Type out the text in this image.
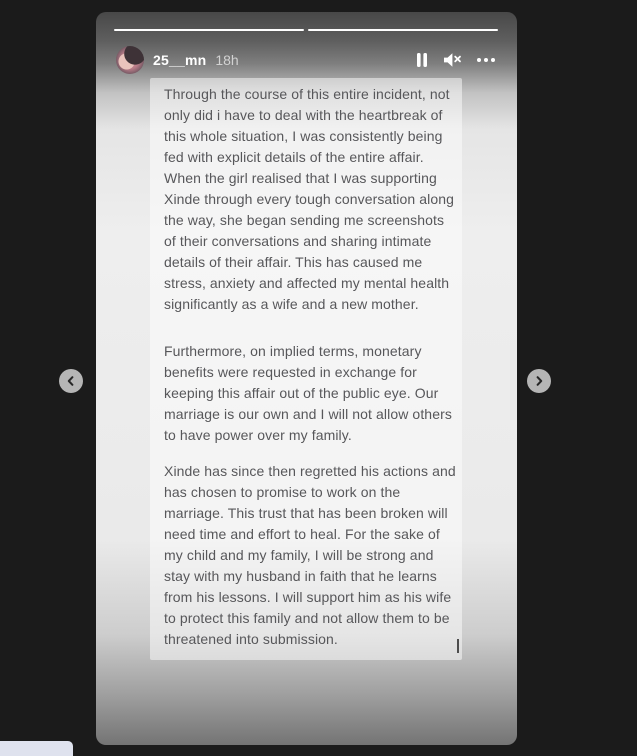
25__mn 18h

Through the course of this entire incident, not only did i have to deal with the heartbreak of this whole situation, I was consistently being fed with explicit details of the entire affair. When the girl realised that I was supporting Xinde through every tough conversation along the way, she began sending me screenshots of their conversations and sharing intimate details of their affair. This has caused me stress, anxiety and affected my mental health significantly as a wife and a new mother.

Furthermore, on implied terms, monetary benefits were requested in exchange for keeping this affair out of the public eye. Our marriage is our own and I will not allow others to have power over my family.

Xinde has since then regretted his actions and has chosen to promise to work on the marriage. This trust that has been broken will need time and effort to heal. For the sake of my child and my family, I will be strong and stay with my husband in faith that he learns from his lessons. I will support him as his wife to protect this family and not allow them to be threatened into submission.
